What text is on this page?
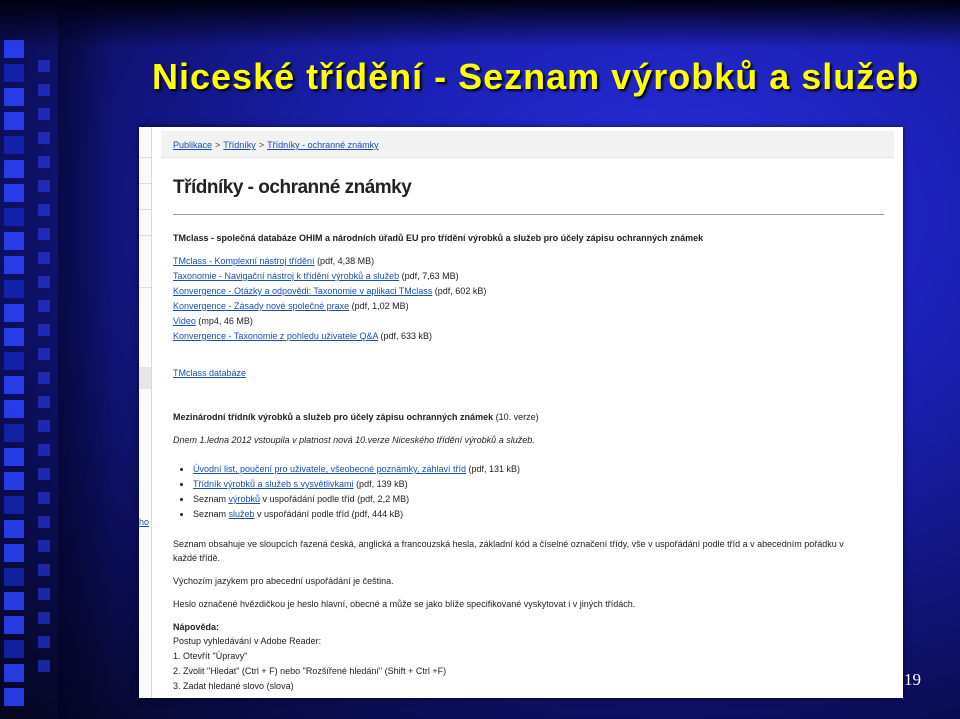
Niceské třídění - Seznam výrobků a služeb
ho
Publikace > Třídníky > Třídníky - ochranné známky
Třídníky - ochranné známky
TMclass - společná databáze OHIM a národních úřadů EU pro třídění výrobků a služeb pro účely zápisu ochranných známek
TMclass - Komplexní nástroj třídění (pdf, 4,38 MB)
Taxonomie - Navigační nástroj k třídění výrobků a služeb (pdf, 7,63 MB)
Konvergence - Otázky a odpovědi: Taxonomie v aplikaci TMclass (pdf, 602 kB)
Konvergence - Zásady nové společné praxe (pdf, 1,02 MB)
Video (mp4, 46 MB)
Konvergence - Taxonomie z pohledu uživatele Q&A (pdf, 633 kB)
TMclass databáze
Mezinárodní třídník výrobků a služeb pro účely zápisu ochranných známek (10. verze)
Dnem 1.ledna 2012 vstoupila v platnost nová 10.verze Niceského třídění výrobků a služeb.
Úvodní list, poučení pro uživatele, všeobecné poznámky, záhlaví tříd (pdf, 131 kB)
Třídník výrobků a služeb s vysvětlivkami (pdf, 139 kB)
Seznam výrobků v uspořádání podle tříd (pdf, 2,2 MB)
Seznam služeb v uspořádání podle tříd (pdf, 444 kB)
Seznam obsahuje ve sloupcích řazená česká, anglická a francouzská hesla, základní kód a číselné označení třídy, vše v uspořádání podle tříd a v abecedním pořádku v
každé třídě.
Výchozím jazykem pro abecední uspořádání je čeština.
Heslo označené hvězdičkou je heslo hlavní, obecné a může se jako blíže specifikované vyskytovat i v jiných třídách.
Nápověda:
Postup vyhledávání v Adobe Reader:
1. Otevřít "Úpravy"
2. Zvolit "Hledat" (Ctrl + F) nebo "Rozšířené hledání" (Shift + Ctrl +F)
3. Zadat hledané slovo (slova)	19
